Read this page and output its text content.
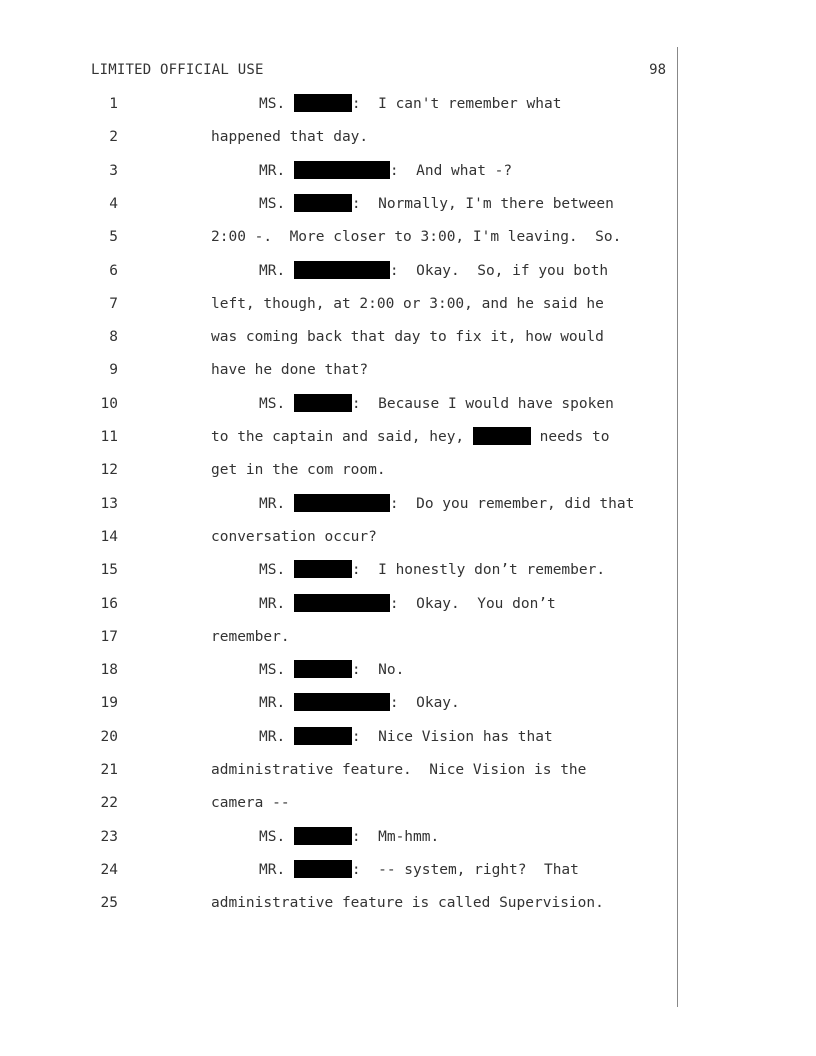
LIMITED OFFICIAL USE	98
1	MS.	:  I can't remember what
2	happened that day.
3	MR.	:  And what -?
4	MS.	:  Normally, I'm there between
5	2:00 -.  More closer to 3:00, I'm leaving.  So.
6	MR.	:  Okay.  So, if you both
7	left, though, at 2:00 or 3:00, and he said he
8	was coming back that day to fix it, how would
9	have he done that?
10	MS.	:  Because I would have spoken
11	to the captain and said, hey,	needs to
12	get in the com room.
13	MR.	:  Do you remember, did that
14	conversation occur?
15	MS.	:  I honestly don’t remember.
16	MR.	:  Okay.  You don’t
17	remember.
18	MS.	:  No.
19	MR.	:  Okay.
20	MR.	:  Nice Vision has that
21	administrative feature.  Nice Vision is the
22	camera --
23	MS.	:  Mm-hmm.
24	MR.	:  -- system, right?  That
25	administrative feature is called Supervision.
